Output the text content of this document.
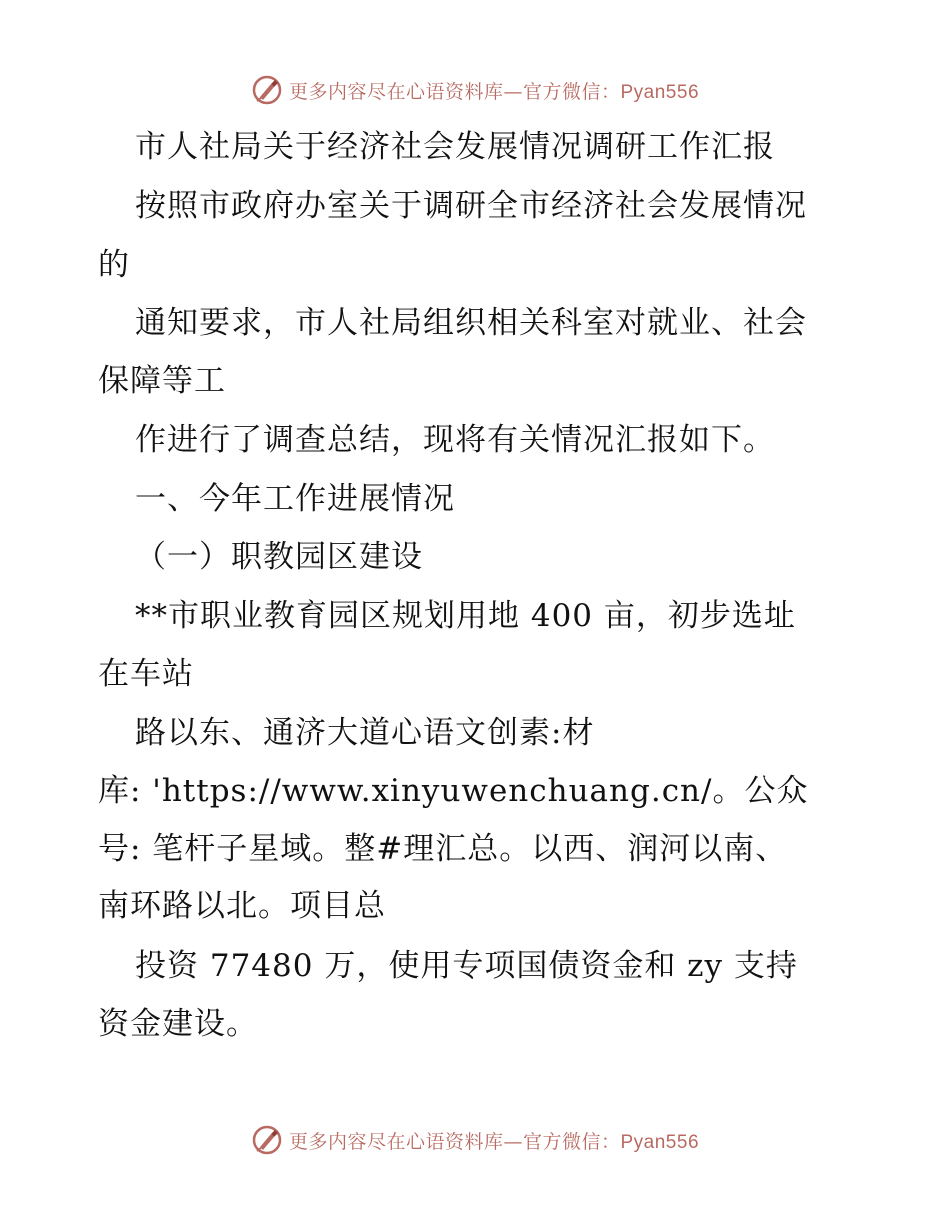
更多内容尽在心语资料库—官方微信：Pyan556
市人社局关于经济社会发展情况调研工作汇报
按照市政府办室关于调研全市经济社会发展情况
的
通知要求，市人社局组织相关科室对就业、社会
保障等工
作进行了调查总结，现将有关情况汇报如下。
一、今年工作进展情况
（一）职教园区建设
**市职业教育园区规划用地 400 亩，初步选址
在车站
路以东、通济大道心语文创素:材
库: 'https://www.xinyuwenchuang.cn/。公众
号: 笔杆子星域。整#理汇总。以西、润河以南、
南环路以北。项目总
投资 77480 万，使用专项国债资金和 zy 支持
资金建设。
更多内容尽在心语资料库—官方微信：Pyan556
